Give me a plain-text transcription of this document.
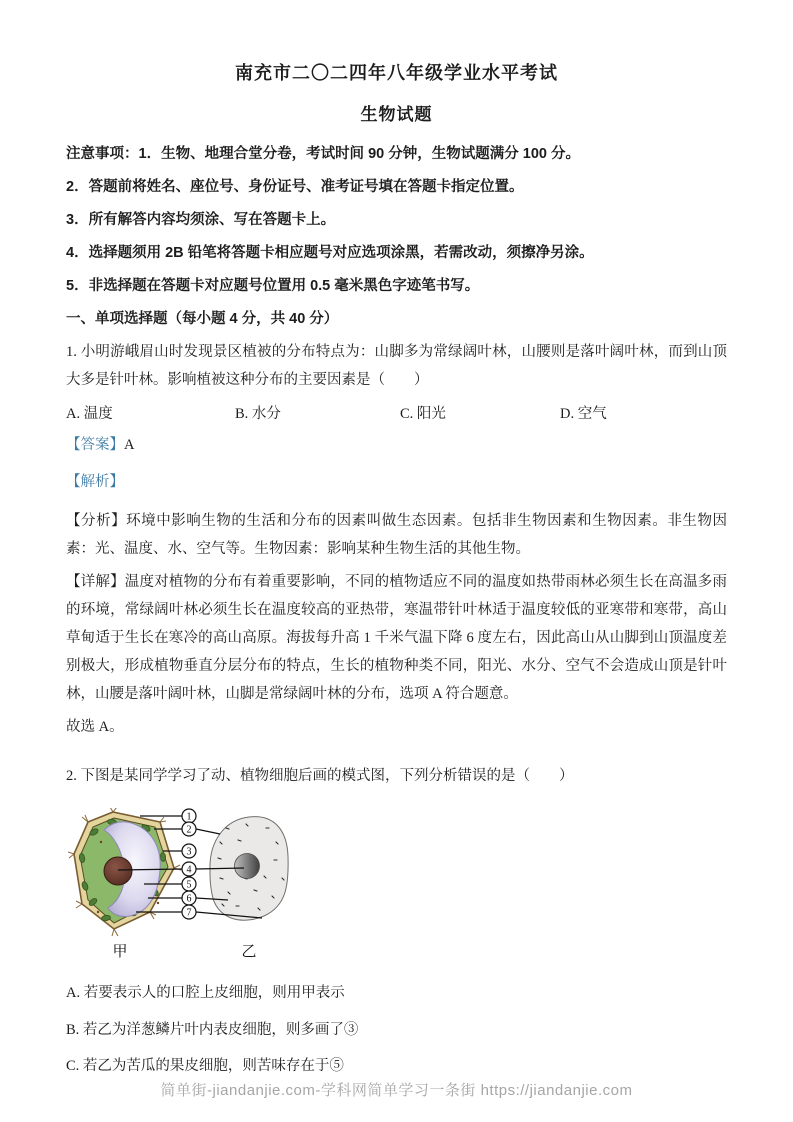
南充市二〇二四年八年级学业水平考试
生物试题

注意事项：1．生物、地理合堂分卷，考试时间 90 分钟，生物试题满分 100 分。

2．答题前将姓名、座位号、身份证号、准考证号填在答题卡指定位置。

3．所有解答内容均须涂、写在答题卡上。

4．选择题须用 2B 铅笔将答题卡相应题号对应选项涂黑，若需改动，须擦净另涂。

5．非选择题在答题卡对应题号位置用 0.5 毫米黑色字迹笔书写。

一、单项选择题（每小题 4 分，共 40 分）

1. 小明游峨眉山时发现景区植被的分布特点为：山脚多为常绿阔叶林，山腰则是落叶阔叶林，而到山顶大多是针叶林。影响植被这种分布的主要因素是（　　）

A. 温度	B. 水分	C. 阳光	D. 空气

【答案】A

【解析】

【分析】环境中影响生物的生活和分布的因素叫做生态因素。包括非生物因素和生物因素。非生物因素：光、温度、水、空气等。生物因素：影响某种生物生活的其他生物。

【详解】温度对植物的分布有着重要影响，不同的植物适应不同的温度如热带雨林必须生长在高温多雨的环境，常绿阔叶林必须生长在温度较高的亚热带，寒温带针叶林适于温度较低的亚寒带和寒带，高山草甸适于生长在寒冷的高山高原。海拔每升高 1 千米气温下降 6 度左右，因此高山从山脚到山顶温度差别极大，形成植物垂直分层分布的特点，生长的植物种类不同，阳光、水分、空气不会造成山顶是针叶林，山腰是落叶阔叶林，山脚是常绿阔叶林的分布，选项 A 符合题意。

故选 A。

2. 下图是某同学学习了动、植物细胞后画的模式图，下列分析错误的是（　　）

1
2
3
4
5
6
7
甲	乙

A. 若要表示人的口腔上皮细胞，则用甲表示

B. 若乙为洋葱鳞片叶内表皮细胞，则多画了③

C. 若乙为苦瓜的果皮细胞，则苦味存在于⑤

简单街-jiandanjie.com-学科网简单学习一条街 https://jiandanjie.com
